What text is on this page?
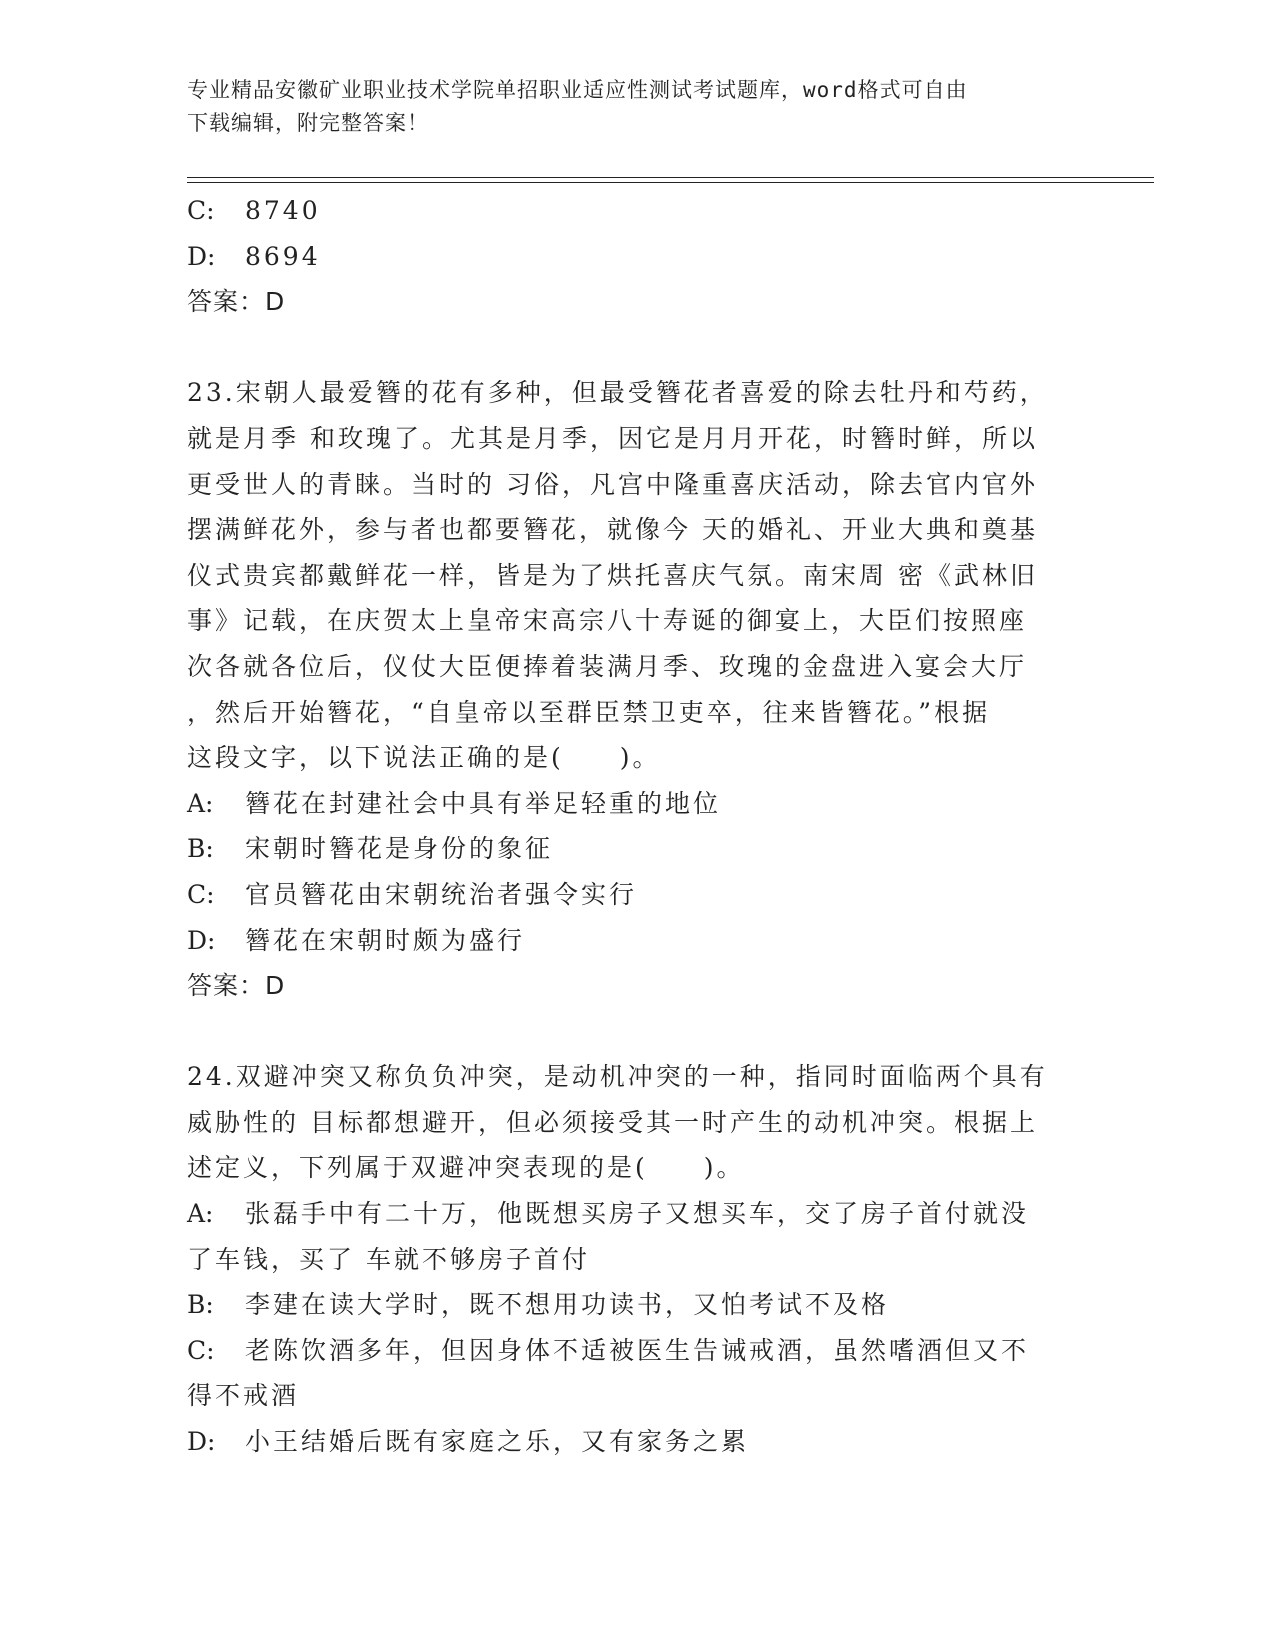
专业精品安徽矿业职业技术学院单招职业适应性测试考试题库，word格式可自由
下载编辑，附完整答案！
C: 8740
D: 8694
答案：D
23.宋朝人最爱簪的花有多种，但最受簪花者喜爱的除去牡丹和芍药，
就是月季 和玫瑰了。尤其是月季，因它是月月开花，时簪时鲜，所以
更受世人的青睐。当时的 习俗，凡宫中隆重喜庆活动，除去官内官外
摆满鲜花外，参与者也都要簪花，就像今 天的婚礼、开业大典和奠基
仪式贵宾都戴鲜花一样，皆是为了烘托喜庆气氛。南宋周 密《武林旧
事》记载，在庆贺太上皇帝宋高宗八十寿诞的御宴上，大臣们按照座
次各就各位后，仪仗大臣便捧着装满月季、玫瑰的金盘进入宴会大厅
，然后开始簪花，“自皇帝以至群臣禁卫吏卒，往来皆簪花。”根据
这段文字，以下说法正确的是(　　)。
A: 簪花在封建社会中具有举足轻重的地位
B: 宋朝时簪花是身份的象征
C: 官员簪花由宋朝统治者强令实行
D: 簪花在宋朝时颇为盛行
答案：D
24.双避冲突又称负负冲突，是动机冲突的一种，指同时面临两个具有
威胁性的 目标都想避开，但必须接受其一时产生的动机冲突。根据上
述定义，下列属于双避冲突表现的是(　　)。
A: 张磊手中有二十万，他既想买房子又想买车，交了房子首付就没
了车钱，买了 车就不够房子首付
B: 李建在读大学时，既不想用功读书，又怕考试不及格
C: 老陈饮酒多年，但因身体不适被医生告诫戒酒，虽然嗜酒但又不
得不戒酒
D: 小王结婚后既有家庭之乐，又有家务之累
